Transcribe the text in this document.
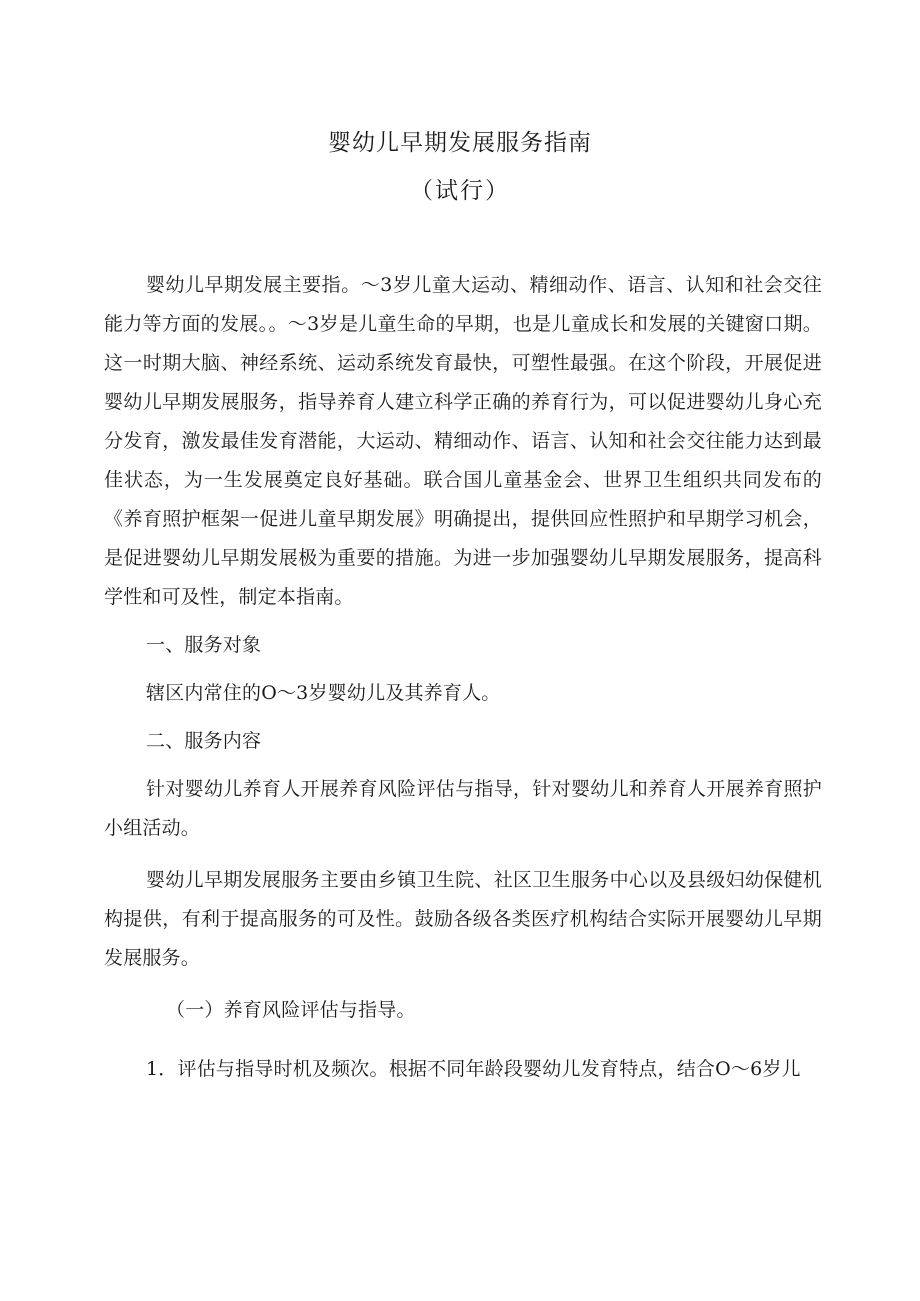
婴幼儿早期发展服务指南
（试行）

婴幼儿早期发展主要指。～3岁儿童大运动、精细动作、语言、认知和社会交往能力等方面的发展。。～3岁是儿童生命的早期，也是儿童成长和发展的关键窗口期。这一时期大脑、神经系统、运动系统发育最快，可塑性最强。在这个阶段，开展促进婴幼儿早期发展服务，指导养育人建立科学正确的养育行为，可以促进婴幼儿身心充分发育，激发最佳发育潜能，大运动、精细动作、语言、认知和社会交往能力达到最佳状态，为一生发展奠定良好基础。联合国儿童基金会、世界卫生组织共同发布的《养育照护框架一促进儿童早期发展》明确提出，提供回应性照护和早期学习机会，是促进婴幼儿早期发展极为重要的措施。为进一步加强婴幼儿早期发展服务，提高科学性和可及性，制定本指南。

一、服务对象

辖区内常住的O～3岁婴幼儿及其养育人。

二、服务内容

针对婴幼儿养育人开展养育风险评估与指导，针对婴幼儿和养育人开展养育照护小组活动。

婴幼儿早期发展服务主要由乡镇卫生院、社区卫生服务中心以及县级妇幼保健机构提供，有利于提高服务的可及性。鼓励各级各类医疗机构结合实际开展婴幼儿早期发展服务。

（一）养育风险评估与指导。

1．评估与指导时机及频次。根据不同年龄段婴幼儿发育特点，结合O～6岁儿
